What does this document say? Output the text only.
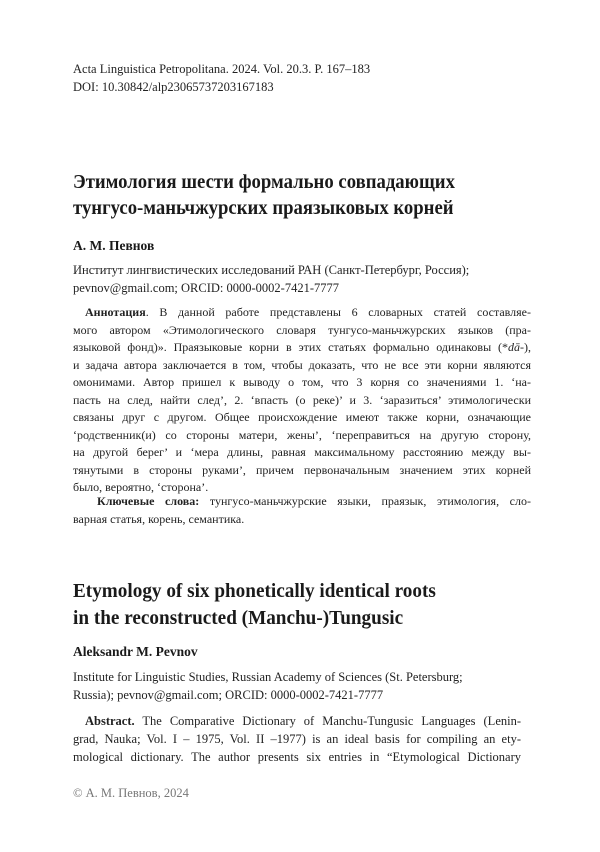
Acta Linguistica Petropolitana. 2024. Vol. 20.3. P. 167–183
DOI: 10.30842/alp23065737203167183
Этимология шести формально совпадающих
тунгусо-маньчжурских праязыковых корней
А. М. Певнов
Институт лингвистических исследований РАН (Санкт-Петербург, Россия);
pevnov@gmail.com; ORCID: 0000-0002-7421-7777
Аннотация. В данной работе представлены 6 словарных статей составляе-
мого автором «Этимологического словаря тунгусо-маньчжурских языков (пра-
языковой фонд)». Праязыковые корни в этих статьях формально одинаковы (*dā-),
и задача автора заключается в том, чтобы доказать, что не все эти корни являются
омонимами. Автор пришел к выводу о том, что 3 корня со значениями 1. ‘на-
пасть на след, найти след’, 2. ‘впасть (о реке)’ и 3. ‘заразиться’ этимологически
связаны друг с другом. Общее происхождение имеют также корни, означающие
‘родственник(и) со стороны матери, жены’, ‘переправиться на другую сторону,
на другой берег’ и ‘мера длины, равная максимальному расстоянию между вы-
тянутыми в стороны руками’, причем первоначальным значением этих корней
было, вероятно, ‘сторона’.
Ключевые слова: тунгусо-маньчжурские языки, праязык, этимология, сло-
варная статья, корень, семантика.
Etymology of six phonetically identical roots
in the reconstructed (Manchu-)Tungusic
Aleksandr M. Pevnov
Institute for Linguistic Studies, Russian Academy of Sciences (St. Petersburg;
Russia); pevnov@gmail.com; ORCID: 0000-0002-7421-7777
Abstract. The Comparative Dictionary of Manchu-Tungusic Languages (Lenin-
grad, Nauka; Vol. I – 1975, Vol. II –1977) is an ideal basis for compiling an ety-
mological dictionary. The author presents six entries in “Etymological Dictionary
© А. М. Певнов, 2024
